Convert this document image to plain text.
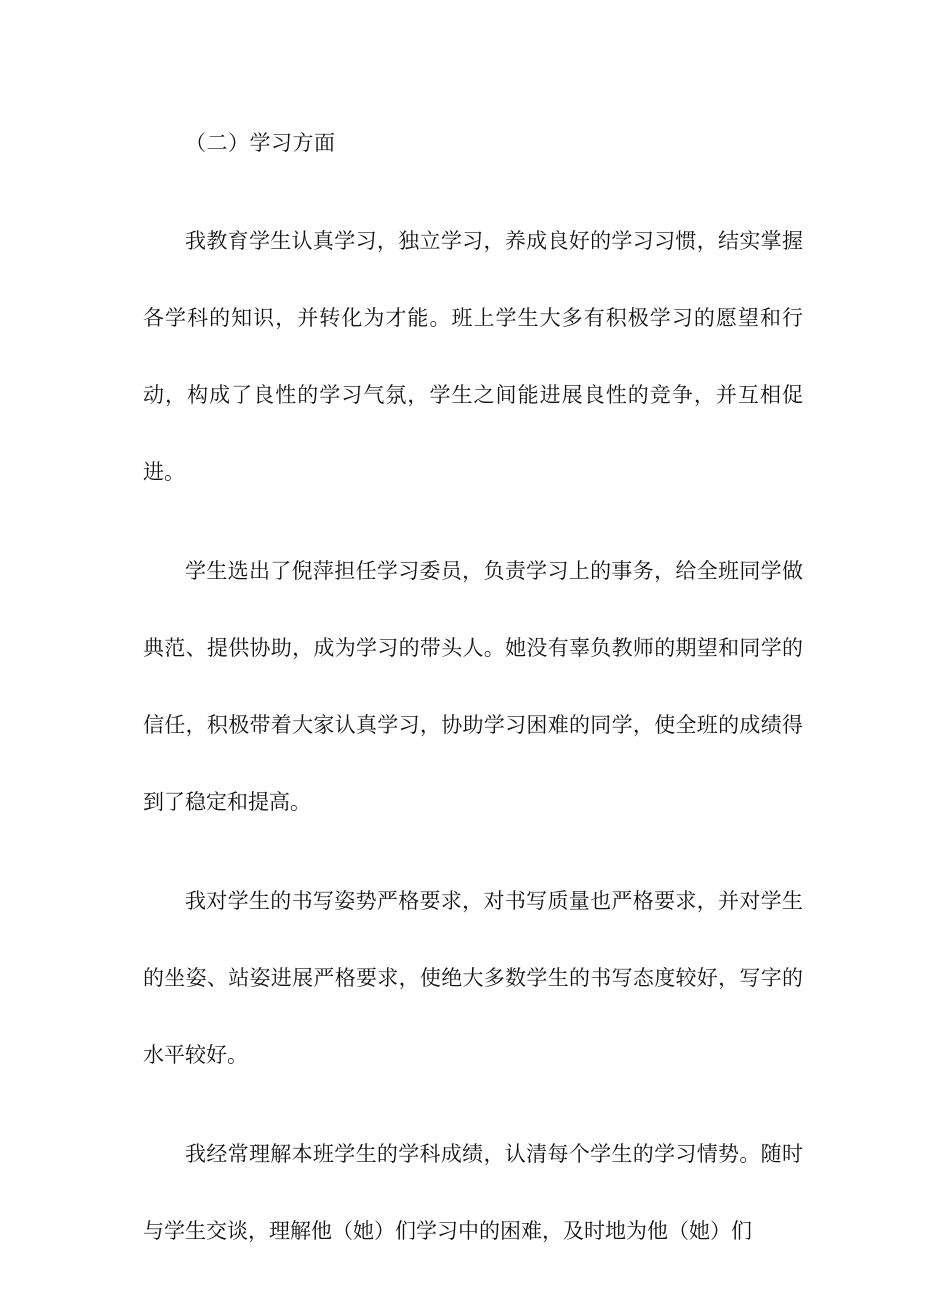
（二）学习方面

我教育学生认真学习，独立学习，养成良好的学习习惯，结实掌握各学科的知识，并转化为才能。班上学生大多有积极学习的愿望和行动，构成了良性的学习气氛，学生之间能进展良性的竞争，并互相促进。

学生选出了倪萍担任学习委员，负责学习上的事务，给全班同学做典范、提供协助，成为学习的带头人。她没有辜负教师的期望和同学的信任，积极带着大家认真学习，协助学习困难的同学，使全班的成绩得到了稳定和提高。

我对学生的书写姿势严格要求，对书写质量也严格要求，并对学生的坐姿、站姿进展严格要求，使绝大多数学生的书写态度较好，写字的水平较好。

我经常理解本班学生的学科成绩，认清每个学生的学习情势。随时与学生交谈，理解他（她）们学习中的困难，及时地为他（她）们
